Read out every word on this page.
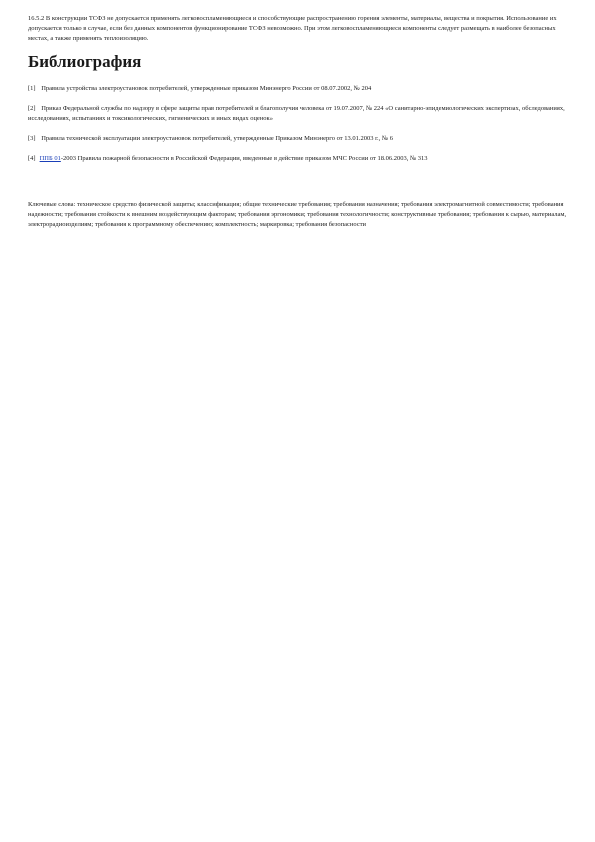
16.5.2 В конструкции ТСФЗ не допускается применять легковоспламеняющиеся и способствующие распространению горения элементы, материалы, вещества и покрытия. Использование их допускается только в случае, если без данных компонентов функционирование ТСФЗ невозможно. При этом легковоспламеняющиеся компоненты следует размещать в наиболее безопасных местах, а также применять теплоизоляцию.

Библиография

[1] Правила устройства электроустановок потребителей, утвержденные приказом Минэнерго России от 08.07.2002, № 204

[2] Приказ Федеральной службы по надзору в сфере защиты прав потребителей и благополучия человека от 19.07.2007, № 224 «О санитарно-эпидемиологических экспертизах, обследованиях, исследованиях, испытаниях и токсикологических, гигиенических и иных видах оценок»

[3] Правила технической эксплуатации электроустановок потребителей, утвержденные Приказом Минэнерго от 13.01.2003 г., № 6

[4] ППБ 01-2003 Правила пожарной безопасности в Российской Федерации, введенные в действие приказом МЧС России от 18.06.2003, № 313

Ключевые слова: техническое средство физической защиты; классификация; общие технические требования; требования назначения; требования электромагнитной совместимости; требования надежности; требования стойкости к внешним воздействующим факторам; требования эргономики; требования технологичности; конструктивные требования; требования к сырью, материалам, электрорадиоизделиям; требования к программному обеспечению; комплектность; маркировка; требования безопасности
